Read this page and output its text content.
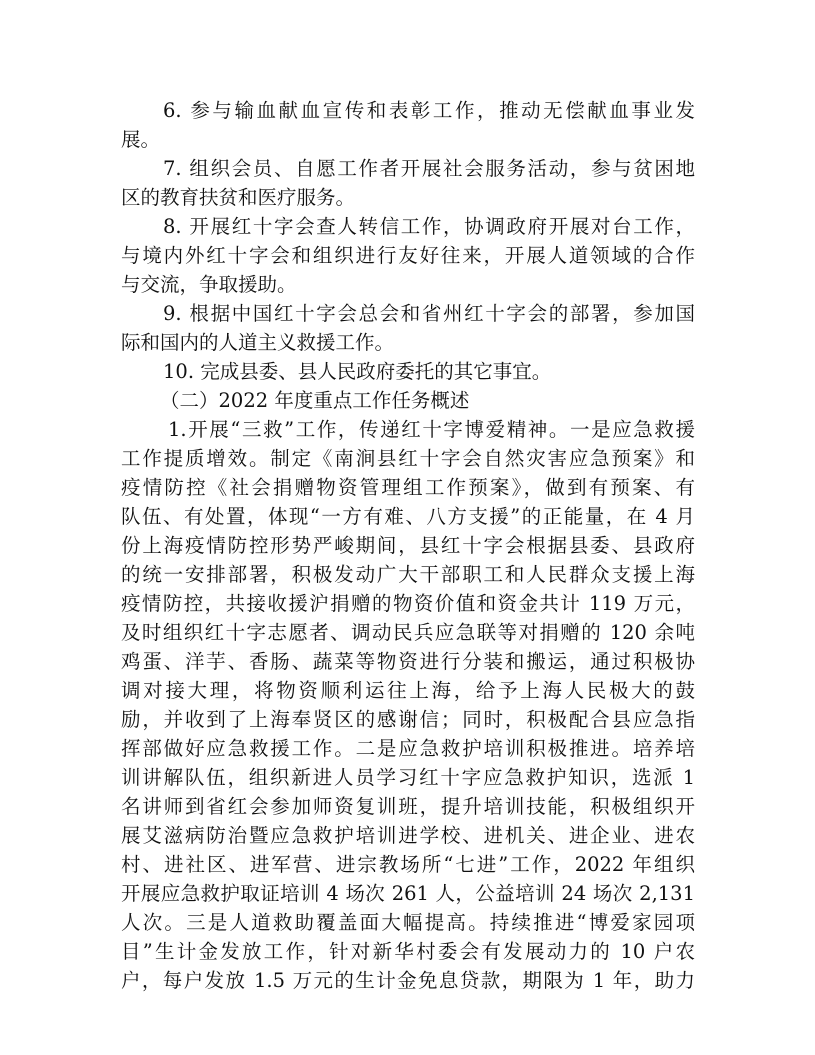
6. 参与输血献血宣传和表彰工作，推动无偿献血事业发
展。
7. 组织会员、自愿工作者开展社会服务活动，参与贫困地
区的教育扶贫和医疗服务。
8. 开展红十字会查人转信工作，协调政府开展对台工作，
与境内外红十字会和组织进行友好往来，开展人道领域的合作
与交流，争取援助。
9. 根据中国红十字会总会和省州红十字会的部署，参加国
际和国内的人道主义救援工作。
10. 完成县委、县人民政府委托的其它事宜。
（二）2022 年度重点工作任务概述
1.开展“三救”工作，传递红十字博爱精神。一是应急救援
工作提质增效。制定《南涧县红十字会自然灾害应急预案》和
疫情防控《社会捐赠物资管理组工作预案》，做到有预案、有
队伍、有处置，体现“一方有难、八方支援”的正能量，在 4 月
份上海疫情防控形势严峻期间，县红十字会根据县委、县政府
的统一安排部署，积极发动广大干部职工和人民群众支援上海
疫情防控，共接收援沪捐赠的物资价值和资金共计 119 万元，
及时组织红十字志愿者、调动民兵应急联等对捐赠的 120 余吨
鸡蛋、洋芋、香肠、蔬菜等物资进行分装和搬运，通过积极协
调对接大理，将物资顺利运往上海，给予上海人民极大的鼓
励，并收到了上海奉贤区的感谢信；同时，积极配合县应急指
挥部做好应急救援工作。二是应急救护培训积极推进。培养培
训讲解队伍，组织新进人员学习红十字应急救护知识，选派 1
名讲师到省红会参加师资复训班，提升培训技能，积极组织开
展艾滋病防治暨应急救护培训进学校、进机关、进企业、进农
村、进社区、进军营、进宗教场所“七进”工作，2022 年组织
开展应急救护取证培训 4 场次 261 人，公益培训 24 场次 2,131
人次。三是人道救助覆盖面大幅提高。持续推进“博爱家园项
目”生计金发放工作，针对新华村委会有发展动力的 10 户农
户，每户发放 1.5 万元的生计金免息贷款，期限为 1 年，助力
